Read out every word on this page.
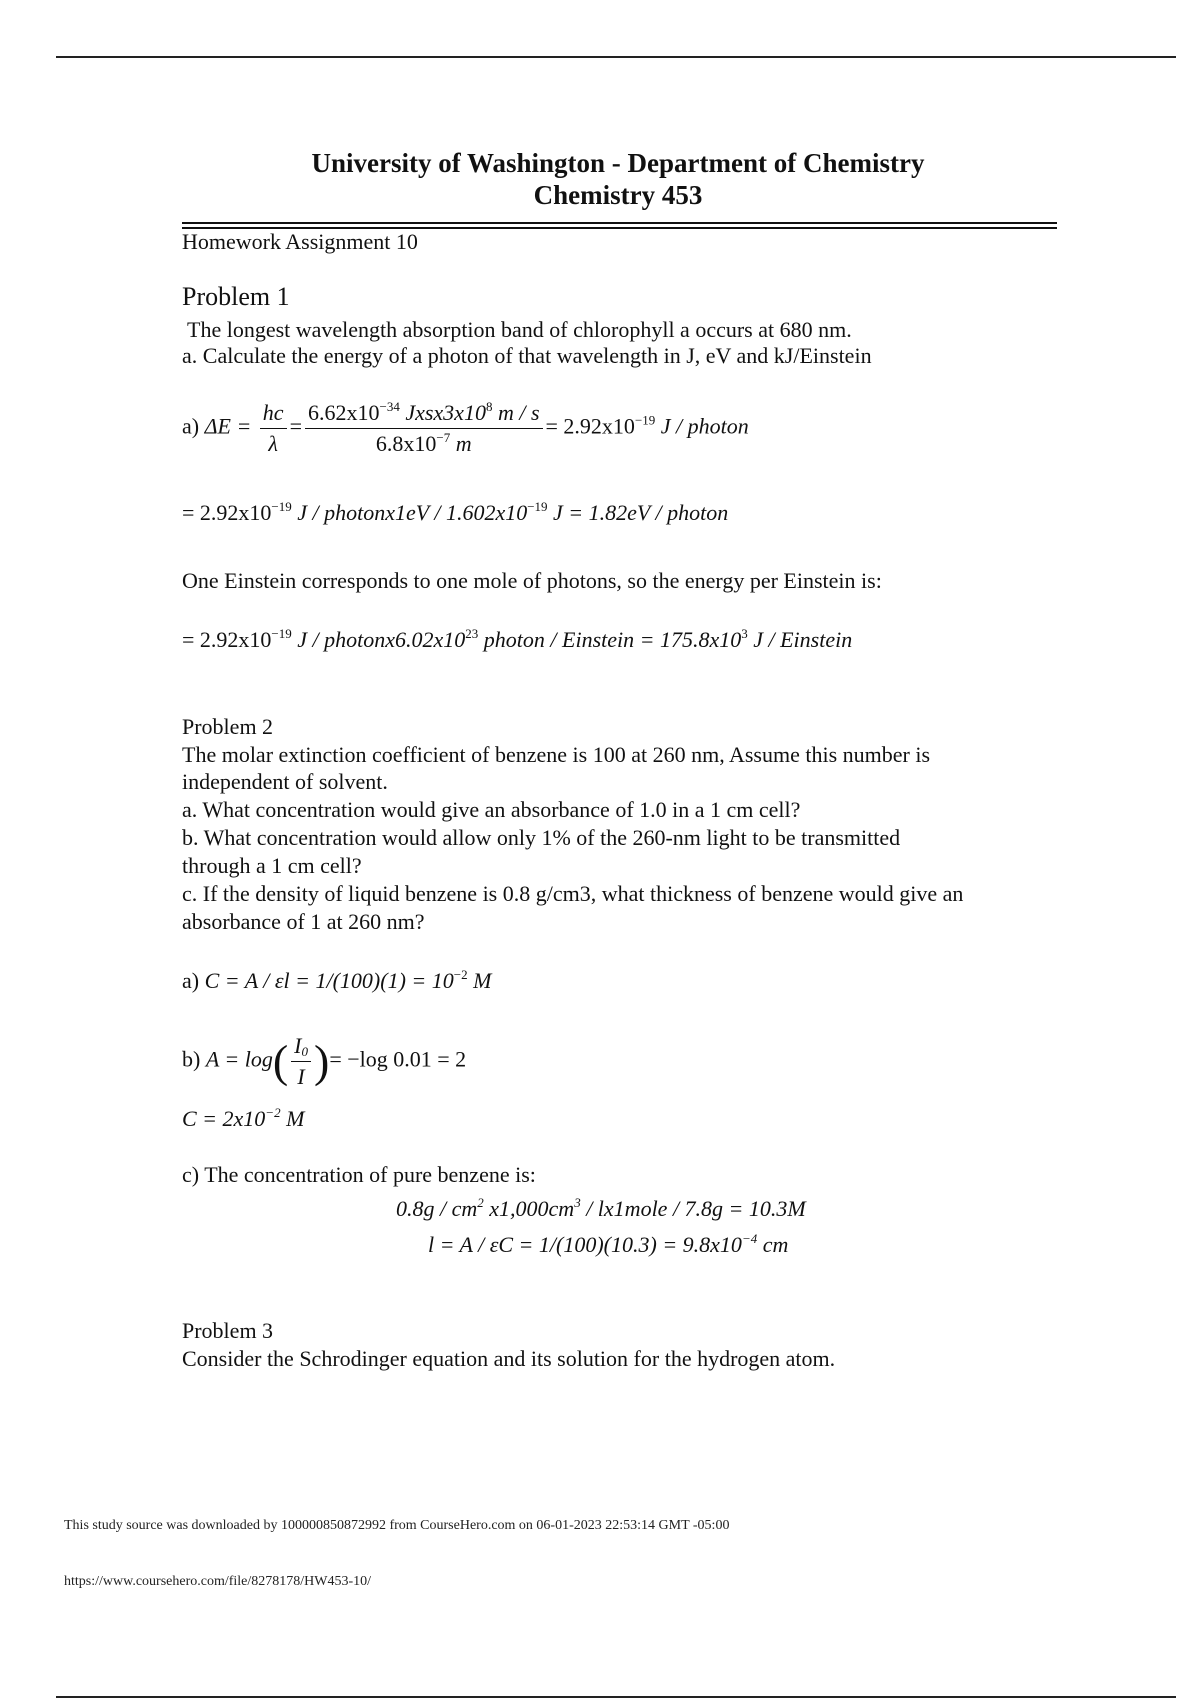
University of Washington - Department of Chemistry
Chemistry 453
Homework Assignment 10
Problem 1
The longest wavelength absorption band of chlorophyll a occurs at 680 nm.
a. Calculate the energy of a photon of that wavelength in J, eV and kJ/Einstein
a) $\Delta E = \frac{hc}{\lambda} = \frac{6.62x10^{-34} Jxsx3x10^8 m / s}{6.8x10^{-7} m} = 2.92x10^{-19}$ J / photon
= $2.92x10^{-19}$ J / photonx1eV / $1.602x10^{-19}$ J = 1.82eV / photon
One Einstein corresponds to one mole of photons, so the energy per Einstein is:
= $2.92x10^{-19}$ J / $photonx6.02x10^{23}$ photon / Einstein = $175.8x10^3$ J / Einstein
Problem 2
The molar extinction coefficient of benzene is 100 at 260 nm, Assume this number is
independent of solvent.
a. What concentration would give an absorbance of 1.0 in a 1 cm cell?
b. What concentration would allow only 1% of the 260-nm light to be transmitted
through a 1 cm cell?
c. If the density of liquid benzene is 0.8 g/cm3, what thickness of benzene would give an
absorbance of 1 at 260 nm?
a) $C = A / \varepsilon l = 1/(100)(1) = 10^{-2}$ M
b) $A = \log( \frac{I_0}{I}$ )= −log 0.01 = 2
$C = 2x10^{-2}$ M
c) The concentration of pure benzene is:
$0.8g / cm^2$ $x1,000cm^3$ / lx1mole / 7.8g = 10.3M
$l = A / \varepsilon C = 1/(100)(10.3) = 9.8x10^{-4}$ cm
Problem 3
Consider the Schrodinger equation and its solution for the hydrogen atom.
This study source was downloaded by 100000850872992 from CourseHero.com on 06-01-2023 22:53:14 GMT -05:00
https://www.coursehero.com/file/8278178/HW453-10/
